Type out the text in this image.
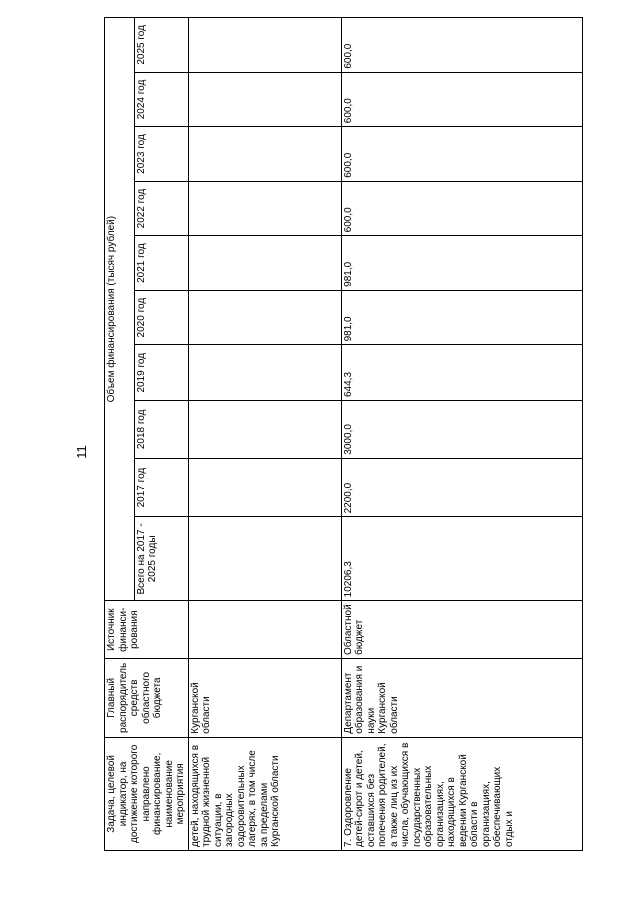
11
Задача, целевой индикатор, на достижение которого направлено финансирование, наименование мероприятия	Главный распорядитель средств областного бюджета	Источник финанси-рования	Объем финансирования (тысяч рублей)									
			Всего на 2017 - 2025 годы	2017 год	2018 год	2019 год	2020 год	2021 год	2022 год	2023 год	2024 год	2025 год
детей, находящихся в трудной жизненной ситуации, в загородных оздоровительных лагерях, в том числе за пределами Курганской области	Курганской области											
7. Оздоровление детей-сирот и детей, оставшихся без попечения родителей, а также лиц из их числа, обучающихся в государственных образовательных организациях, находящихся в ведении Курганской области в организациях, обеспечивающих отдых и	Департамент образования и науки Курганской области	Областной бюджет	10206,3	2200,0	3000,0	644,3	981,0	981,0	600,0	600,0	600,0	600,0
